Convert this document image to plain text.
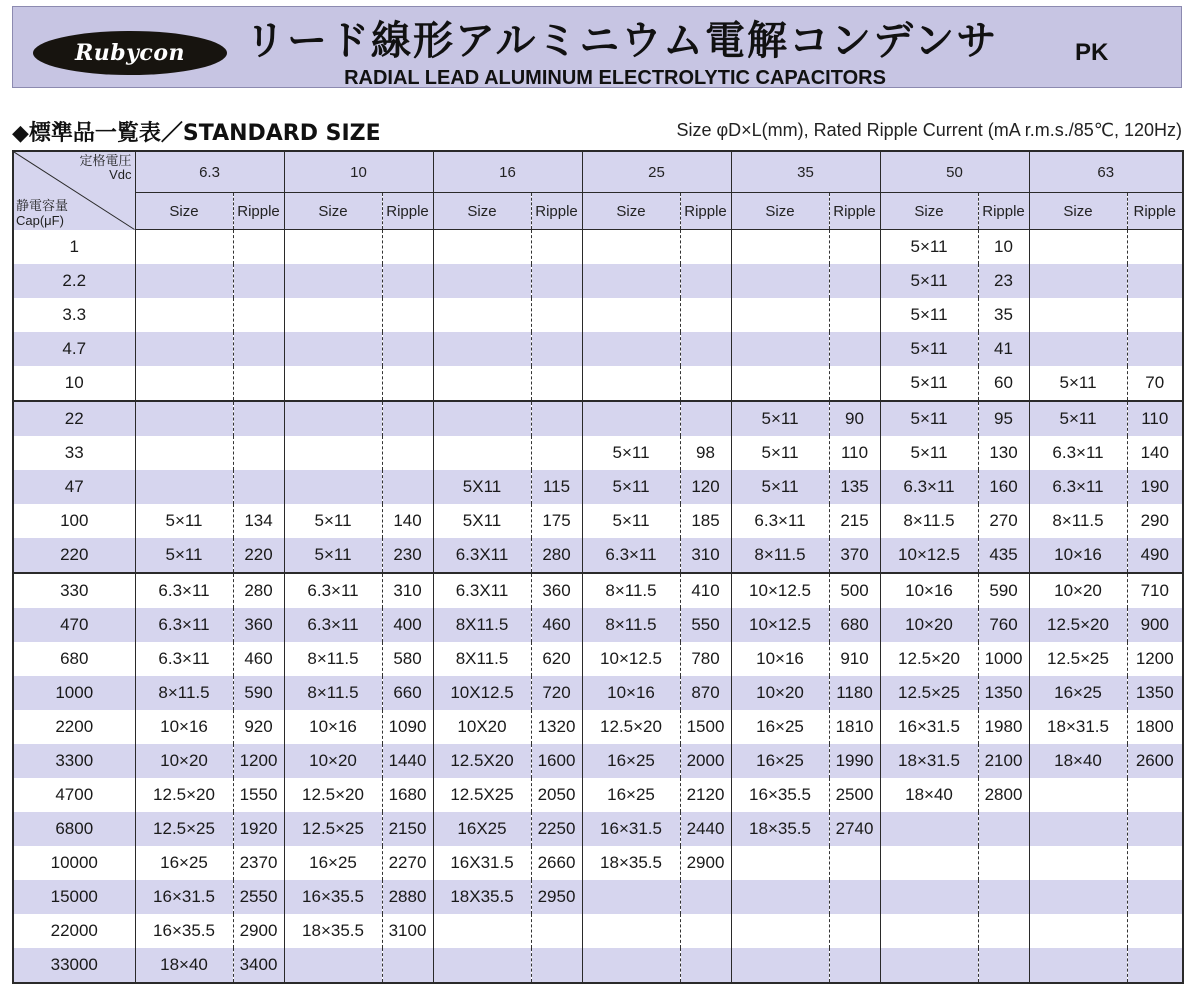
Rubycon	リード線形アルミニウム電解コンデンサ
RADIAL LEAD ALUMINUM ELECTROLYTIC CAPACITORS
PK
◆標準品一覧表／STANDARD SIZE	Size φD×L(mm), Rated Ripple Current (mA r.m.s./85℃, 120Hz)
定格電圧
Vdc
静電容量
Cap(μF)	6.3		10		16		25		35		50		63	
	Size	Ripple	Size	Ripple	Size	Ripple	Size	Ripple	Size	Ripple	Size	Ripple	Size	Ripple
1											5×11	10		
2.2											5×11	23		
3.3											5×11	35		
4.7											5×11	41		
10											5×11	60	5×11	70
22									5×11	90	5×11	95	5×11	110
33							5×11	98	5×11	110	5×11	130	6.3×11	140
47					5X11	115	5×11	120	5×11	135	6.3×11	160	6.3×11	190
100	5×11	134	5×11	140	5X11	175	5×11	185	6.3×11	215	8×11.5	270	8×11.5	290
220	5×11	220	5×11	230	6.3X11	280	6.3×11	310	8×11.5	370	10×12.5	435	10×16	490
330	6.3×11	280	6.3×11	310	6.3X11	360	8×11.5	410	10×12.5	500	10×16	590	10×20	710
470	6.3×11	360	6.3×11	400	8X11.5	460	8×11.5	550	10×12.5	680	10×20	760	12.5×20	900
680	6.3×11	460	8×11.5	580	8X11.5	620	10×12.5	780	10×16	910	12.5×20	1000	12.5×25	1200
1000	8×11.5	590	8×11.5	660	10X12.5	720	10×16	870	10×20	1180	12.5×25	1350	16×25	1350
2200	10×16	920	10×16	1090	10X20	1320	12.5×20	1500	16×25	1810	16×31.5	1980	18×31.5	1800
3300	10×20	1200	10×20	1440	12.5X20	1600	16×25	2000	16×25	1990	18×31.5	2100	18×40	2600
4700	12.5×20	1550	12.5×20	1680	12.5X25	2050	16×25	2120	16×35.5	2500	18×40	2800		
6800	12.5×25	1920	12.5×25	2150	16X25	2250	16×31.5	2440	18×35.5	2740				
10000	16×25	2370	16×25	2270	16X31.5	2660	18×35.5	2900						
15000	16×31.5	2550	16×35.5	2880	18X35.5	2950								
22000	16×35.5	2900	18×35.5	3100										
33000	18×40	3400												
